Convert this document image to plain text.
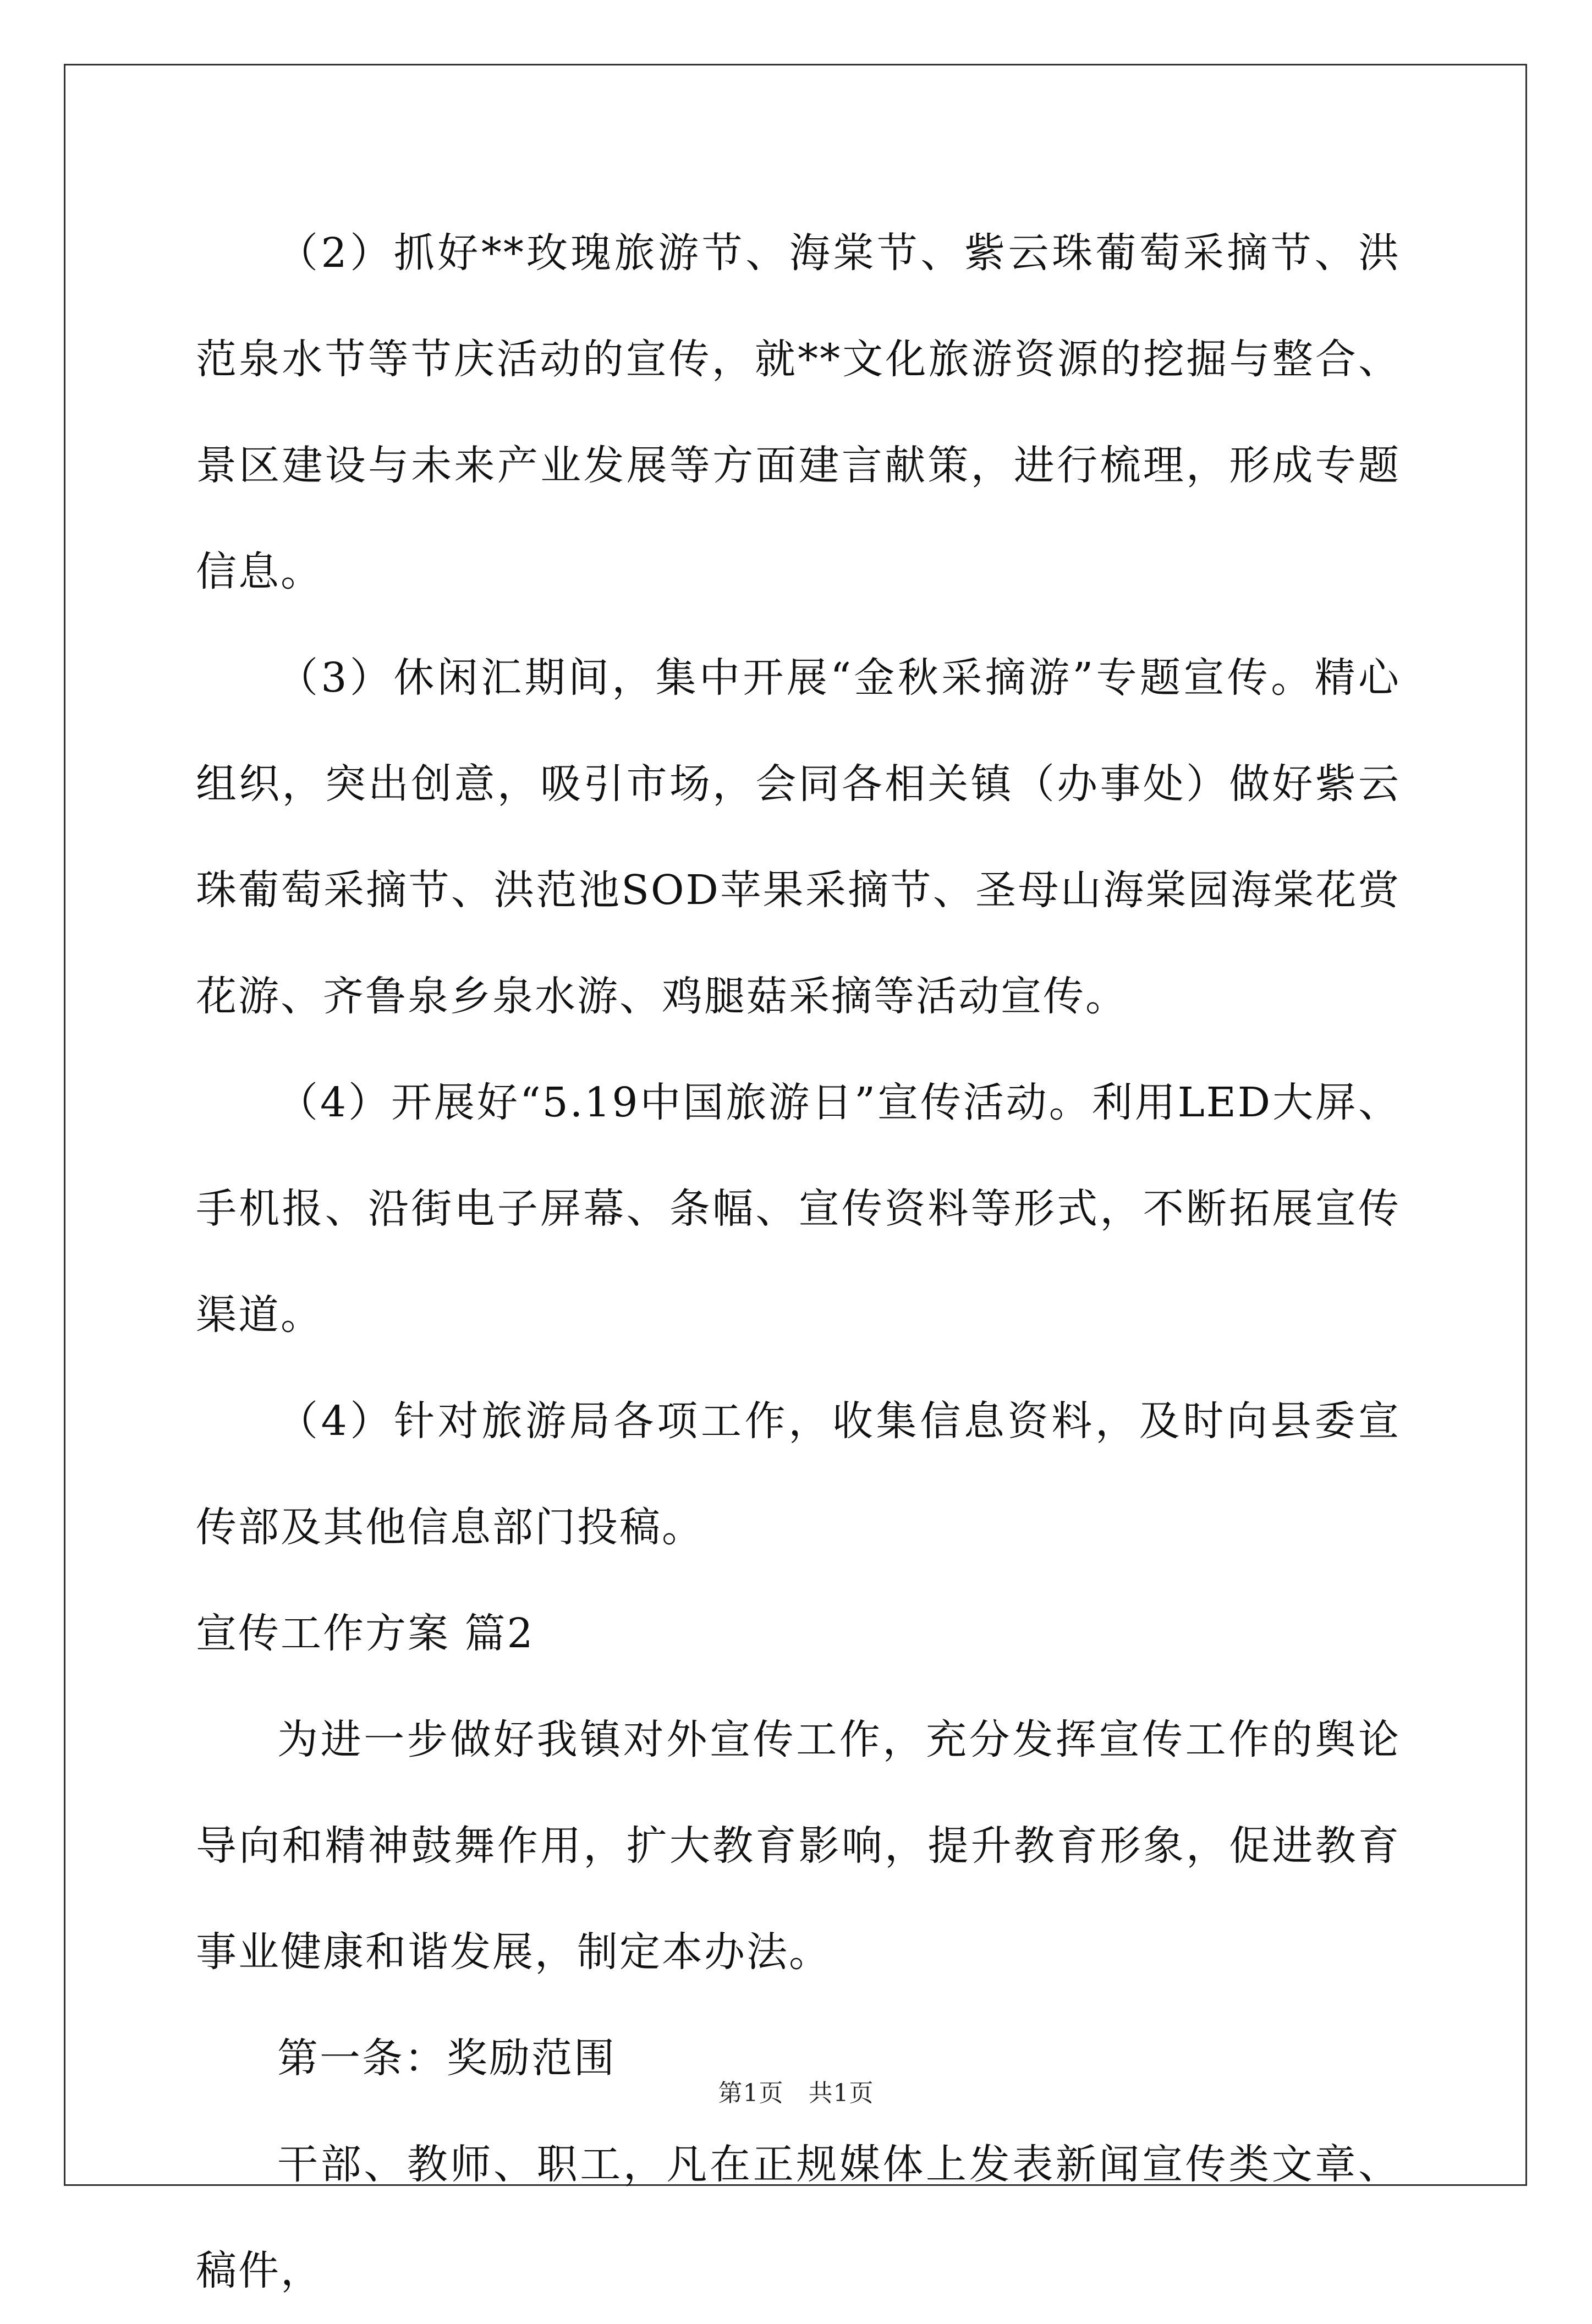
（2）抓好**玫瑰旅游节、海棠节、紫云珠葡萄采摘节、洪范泉水节等节庆活动的宣传，就**文化旅游资源的挖掘与整合、景区建设与未来产业发展等方面建言献策，进行梳理，形成专题信息。

（3）休闲汇期间，集中开展“金秋采摘游”专题宣传。精心组织，突出创意，吸引市场，会同各相关镇（办事处）做好紫云珠葡萄采摘节、洪范池SOD苹果采摘节、圣母山海棠园海棠花赏花游、齐鲁泉乡泉水游、鸡腿菇采摘等活动宣传。

（4）开展好“5.19中国旅游日”宣传活动。利用LED大屏、手机报、沿街电子屏幕、条幅、宣传资料等形式，不断拓展宣传渠道。

（4）针对旅游局各项工作，收集信息资料，及时向县委宣传部及其他信息部门投稿。

宣传工作方案 篇2

为进一步做好我镇对外宣传工作，充分发挥宣传工作的舆论导向和精神鼓舞作用，扩大教育影响，提升教育形象，促进教育事业健康和谐发展，制定本办法。

第一条：奖励范围

干部、教师、职工，凡在正规媒体上发表新闻宣传类文章、稿件，

第1页　共1页
